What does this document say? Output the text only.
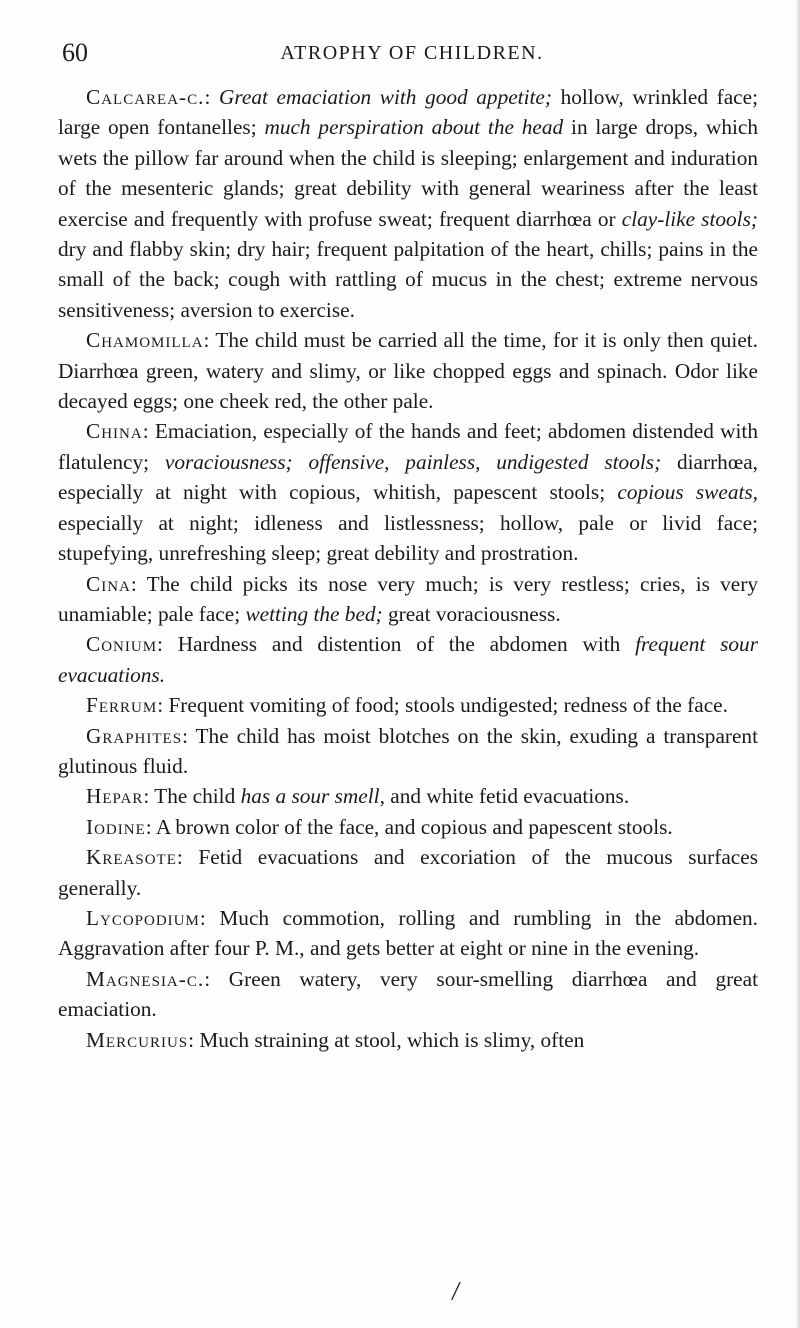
60	ATROPHY OF CHILDREN.

Calcarea-c.: Great emaciation with good appetite; hollow, wrinkled face; large open fontanelles; much perspiration about the head in large drops, which wets the pillow far around when the child is sleeping; enlargement and induration of the mesenteric glands; great debility with general weariness after the least exercise and frequently with profuse sweat; frequent diarrhœa or clay-like stools; dry and flabby skin; dry hair; frequent palpitation of the heart, chills; pains in the small of the back; cough with rattling of mucus in the chest; extreme nervous sensitiveness; aversion to exercise.

Chamomilla: The child must be carried all the time, for it is only then quiet. Diarrhœa green, watery and slimy, or like chopped eggs and spinach. Odor like decayed eggs; one cheek red, the other pale.

China: Emaciation, especially of the hands and feet; abdomen distended with flatulency; voraciousness; offensive, painless, undigested stools; diarrhœa, especially at night with copious, whitish, papescent stools; copious sweats, especially at night; idleness and listlessness; hollow, pale or livid face; stupefying, unrefreshing sleep; great debility and prostration.

Cina: The child picks its nose very much; is very restless; cries, is very unamiable; pale face; wetting the bed; great voraciousness.

Conium: Hardness and distention of the abdomen with frequent sour evacuations.

Ferrum: Frequent vomiting of food; stools undigested; redness of the face.

Graphites: The child has moist blotches on the skin, exuding a transparent glutinous fluid.

Hepar: The child has a sour smell, and white fetid evacuations.

Iodine: A brown color of the face, and copious and papescent stools.

Kreasote: Fetid evacuations and excoriation of the mucous surfaces generally.

Lycopodium: Much commotion, rolling and rumbling in the abdomen. Aggravation after four P. M., and gets better at eight or nine in the evening.

Magnesia-c.: Green watery, very sour-smelling diarrhœa and great emaciation.

Mercurius: Much straining at stool, which is slimy, often

/
